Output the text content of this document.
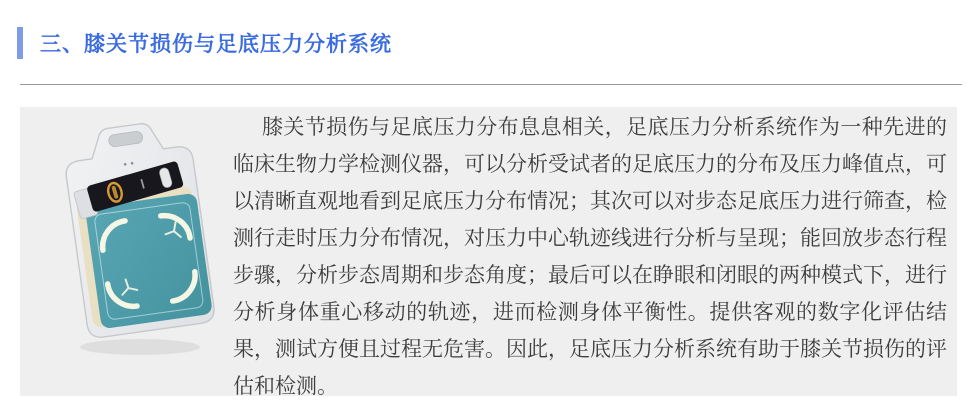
三、膝关节损伤与足底压力分析系统

膝关节损伤与足底压力分布息息相关，足底压力分析系统作为一种先进的临床生物力学检测仪器，可以分析受试者的足底压力的分布及压力峰值点，可以清晰直观地看到足底压力分布情况；其次可以对步态足底压力进行筛查，检测行走时压力分布情况，对压力中心轨迹线进行分析与呈现；能回放步态行程步骤，分析步态周期和步态角度；最后可以在睁眼和闭眼的两种模式下，进行分析身体重心移动的轨迹，进而检测身体平衡性。提供客观的数字化评估结果，测试方便且过程无危害。因此，足底压力分析系统有助于膝关节损伤的评估和检测。
